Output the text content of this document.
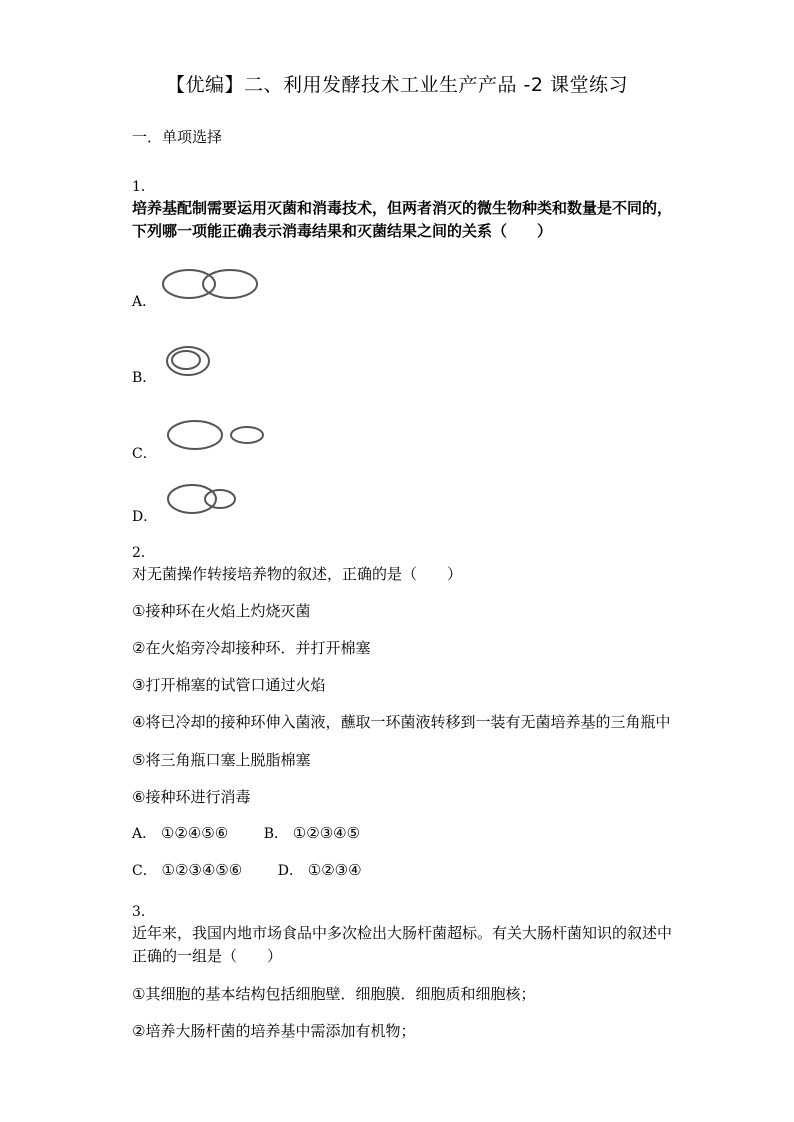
【优编】二、利用发酵技术工业生产产品 -2 课堂练习
一．单项选择
1．
培养基配制需要运用灭菌和消毒技术，但两者消灭的微生物种类和数量是不同的，
下列哪一项能正确表示消毒结果和灭菌结果之间的关系（　　）
A．
B．
C．
D．
2．
对无菌操作转接培养物的叙述，正确的是（　　）
①接种环在火焰上灼烧灭菌
②在火焰旁冷却接种环．并打开棉塞
③打开棉塞的试管口通过火焰
④将已冷却的接种环伸入菌液，蘸取一环菌液转移到一装有无菌培养基的三角瓶中
⑤将三角瓶口塞上脱脂棉塞
⑥接种环进行消毒
A． ①②④⑤⑥	B． ①②③④⑤
C． ①②③④⑤⑥	D． ①②③④
3．
近年来，我国内地市场食品中多次检出大肠杆菌超标。有关大肠杆菌知识的叙述中
正确的一组是（　　）
①其细胞的基本结构包括细胞壁．细胞膜．细胞质和细胞核；
②培养大肠杆菌的培养基中需添加有机物；
